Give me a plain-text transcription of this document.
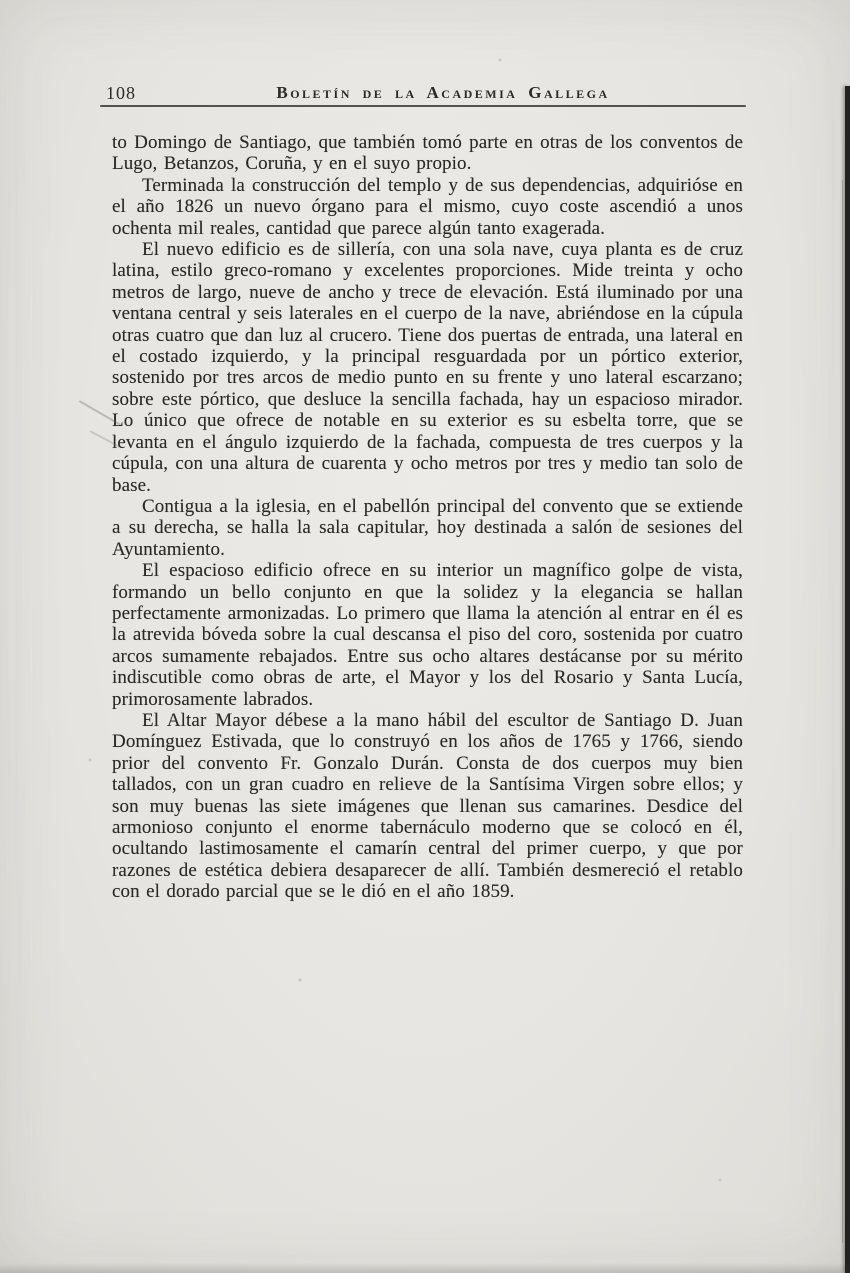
108	Boletín de la Academia Gallega

to Domingo de Santiago, que también tomó parte en otras de los conventos de Lugo, Betanzos, Coruña, y en el suyo propio.

Terminada la construcción del templo y de sus dependencias, adquirióse en el año 1826 un nuevo órgano para el mismo, cuyo coste ascendió a unos ochenta mil reales, cantidad que parece algún tanto exagerada.

El nuevo edificio es de sillería, con una sola nave, cuya planta es de cruz latina, estilo greco-romano y excelentes proporciones. Mide treinta y ocho metros de largo, nueve de ancho y trece de elevación. Está iluminado por una ventana central y seis laterales en el cuerpo de la nave, abriéndose en la cúpula otras cuatro que dan luz al crucero. Tiene dos puertas de entrada, una lateral en el costado izquierdo, y la principal resguardada por un pórtico exterior, sostenido por tres arcos de medio punto en su frente y uno lateral escarzano; sobre este pórtico, que desluce la sencilla fachada, hay un espacioso mirador. Lo único que ofrece de notable en su exterior es su esbelta torre, que se levanta en el ángulo izquierdo de la fachada, compuesta de tres cuerpos y la cúpula, con una altura de cuarenta y ocho metros por tres y medio tan solo de base.

Contigua a la iglesia, en el pabellón principal del convento que se extiende a su derecha, se halla la sala capitular, hoy destinada a salón de sesiones del Ayuntamiento.

El espacioso edificio ofrece en su interior un magnífico golpe de vista, formando un bello conjunto en que la solidez y la elegancia se hallan perfectamente armonizadas. Lo primero que llama la atención al entrar en él es la atrevida bóveda sobre la cual descansa el piso del coro, sostenida por cuatro arcos sumamente rebajados. Entre sus ocho altares destácanse por su mérito indiscutible como obras de arte, el Mayor y los del Rosario y Santa Lucía, primorosamente labrados.

El Altar Mayor débese a la mano hábil del escultor de Santiago D. Juan Domínguez Estivada, que lo construyó en los años de 1765 y 1766, siendo prior del convento Fr. Gonzalo Durán. Consta de dos cuerpos muy bien tallados, con un gran cuadro en relieve de la Santísima Virgen sobre ellos; y son muy buenas las siete imágenes que llenan sus camarines. Desdice del armonioso conjunto el enorme tabernáculo moderno que se colocó en él, ocultando lastimosamente el camarín central del primer cuerpo, y que por razones de estética debiera desaparecer de allí. También desmereció el retablo con el dorado parcial que se le dió en el año 1859.
